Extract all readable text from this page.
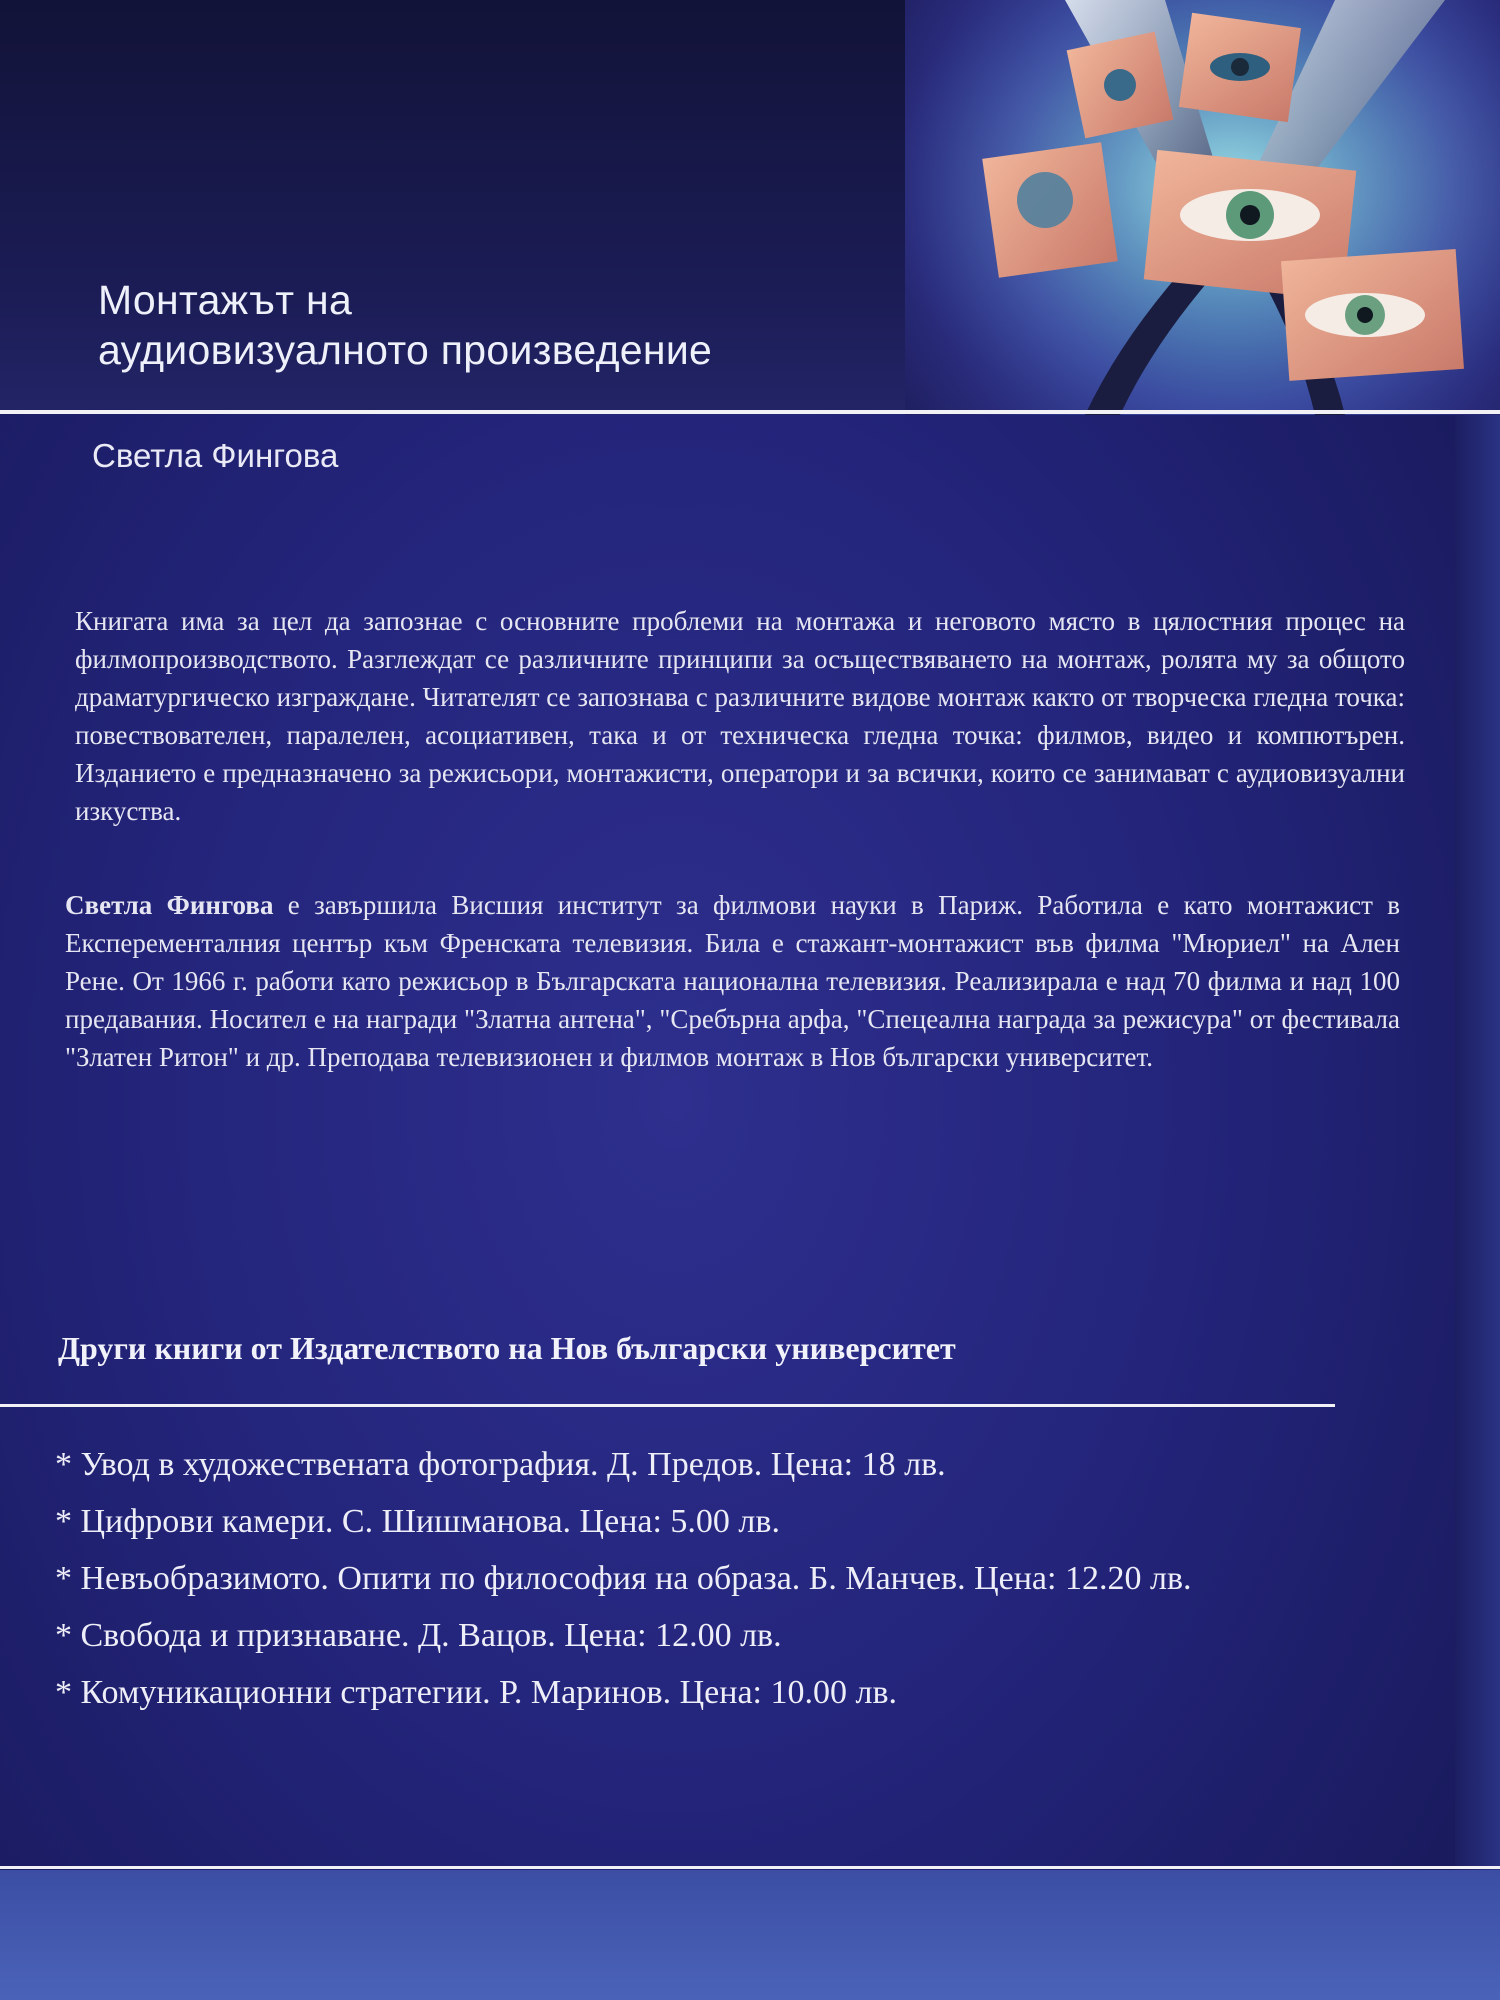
Монтажът на
аудиовизуалното произведение
Светла Фингова

Книгата има за цел да запознае с основните проблеми на монтажа и неговото място в цялостния процес на филмопроизводството. Разглеждат се различните принципи за осъществяването на монтаж, ролята му за общото драматургическо изграждане. Читателят се запознава с различните видове монтаж както от творческа гледна точка: повествователен, паралелен, асоциативен, така и от техническа гледна точка: филмов, видео и компютърен. Изданието е предназначено за режисьори, монтажисти, оператори и за всички, които се занимават с аудиовизуални изкуства.

Светла Фингова е завършила Висшия институт за филмови науки в Париж. Работила е като монтажист в Експеременталния център към Френската телевизия. Била е стажант-монтажист във филма "Мюриел" на Ален Рене. От 1966 г. работи като режисьор в Българската национална телевизия. Реализирала е над 70 филма и над 100 предавания. Носител е на награди "Златна антена", "Сребърна арфа, "Спецеална награда за режисура" от фестивала "Златен Ритон" и др. Преподава телевизионен и филмов монтаж в Нов български университет.

Други книги от Издателството на Нов български университет
* Увод в художествената фотография. Д. Предов. Цена: 18 лв.
* Цифрови камери. С. Шишманова. Цена: 5.00 лв.
* Невъобразимото. Опити по философия на образа. Б. Манчев. Цена: 12.20 лв.
* Свобода и признаване. Д. Вацов. Цена: 12.00 лв.
* Комуникационни стратегии. Р. Маринов. Цена: 10.00 лв.
